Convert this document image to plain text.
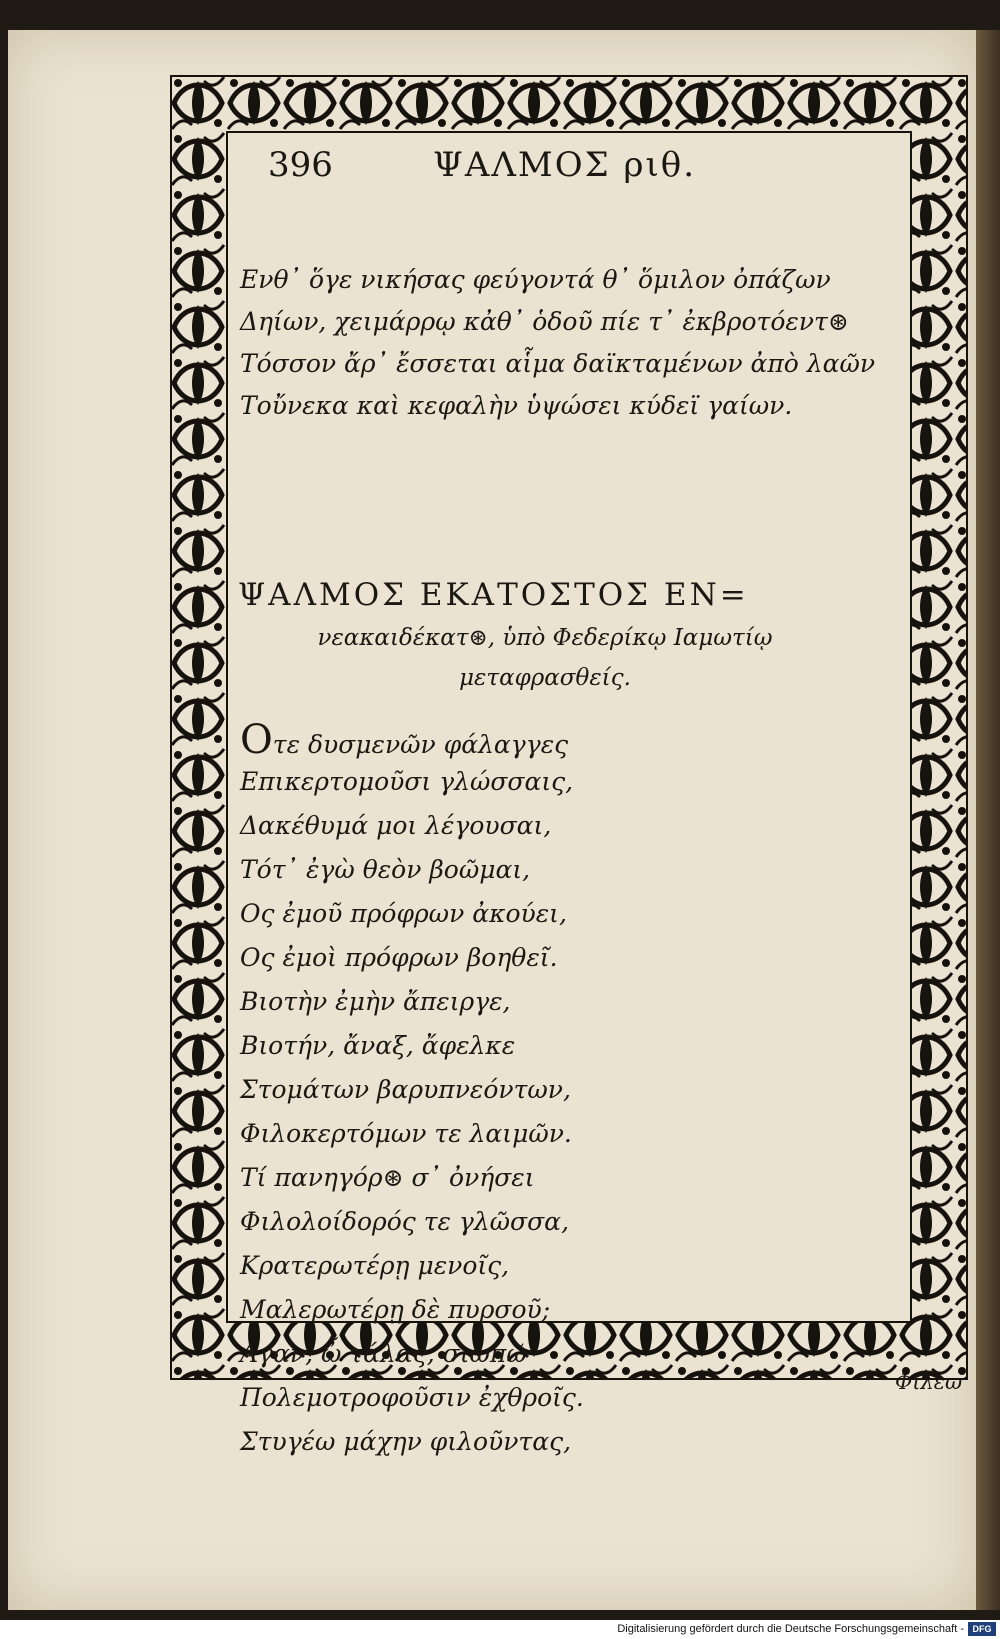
396	ΨΑΛΜΟΣ ριθ.
Ενθ᾽ ὅγε νικήσας φεύγοντά θ᾽ ὅμιλον ὀπάζων
Δηίων, χειμάρρῳ κἀθ᾽ ὁδοῦ πίε τ᾽ ἐκβροτόεντ⊛
Τόσσον ἄρ᾽ ἔσσεται αἷμα δαϊκταμένων ἀπὸ λαῶν
Τοὔνεκα καὶ κεφαλὴν ὑψώσει κύδεϊ γαίων.
ΨΑΛΜΟΣ ΕΚΑΤΟΣΤΟΣ ΕΝ=
νεακαιδέκατ⊛, ὑπὸ Φεδερίκῳ Ιαμωτίῳ
μεταφρασθείς.
Οτε δυσμενῶν φάλαγγες
Επικερτομοῦσι γλώσσαις,
Δακέθυμά μοι λέγουσαι,
Τότ᾽ ἐγὼ θεὸν βοῶμαι,
Ος ἐμοῦ πρόφρων ἀκούει,
Ος ἐμοὶ πρόφρων βοηθεῖ.
Βιοτὴν ἐμὴν ἄπειργε,
Βιοτήν, ἄναξ, ἄφελκε
Στομάτων βαρυπνεόντων,
Φιλοκερτόμων τε λαιμῶν.
Τί πανηγόρ⊛ σ᾽ ὀνήσει
Φιλολοίδορός τε γλῶσσα,
Κρατερωτέρῃ μενοῖς,
Μαλερωτέρῃ δὲ πυρσοῦ;
Αγαν, ὦ τάλας, σιωπῶ
Πολεμοτροφοῦσιν ἐχθροῖς.
Στυγέω μάχην φιλοῦντας,
Φιλέω
Digitalisierung gefördert durch die Deutsche Forschungsgemeinschaft - DFG
